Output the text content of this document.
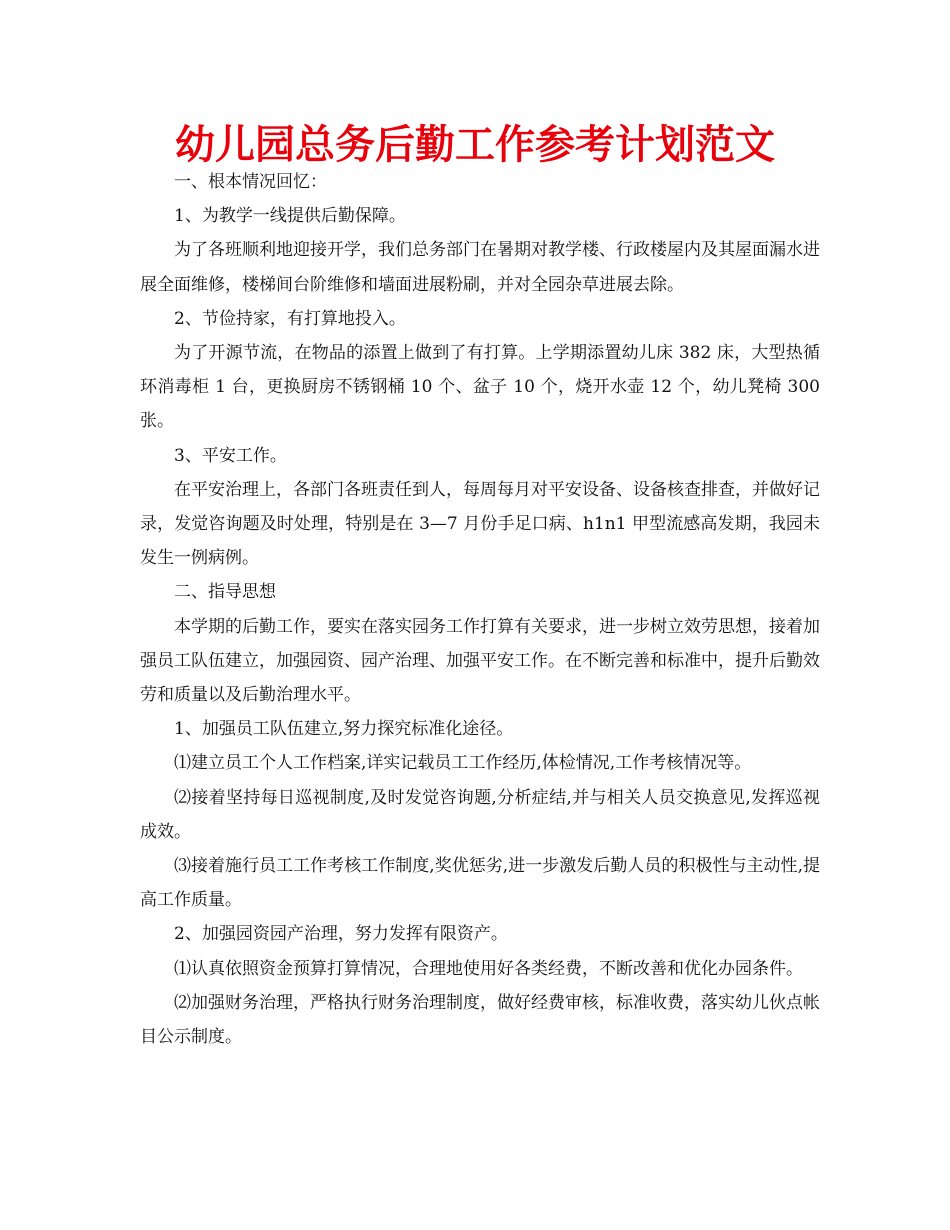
幼儿园总务后勤工作参考计划范文

一、根本情况回忆：

1、为教学一线提供后勤保障。

为了各班顺利地迎接开学，我们总务部门在暑期对教学楼、行政楼屋内及其屋面漏水进展全面维修，楼梯间台阶维修和墙面进展粉刷，并对全园杂草进展去除。

2、节俭持家，有打算地投入。

为了开源节流，在物品的添置上做到了有打算。上学期添置幼儿床 382 床，大型热循环消毒柜 1 台，更换厨房不锈钢桶 10 个、盆子 10 个，烧开水壶 12 个，幼儿凳椅 300 张。

3、平安工作。

在平安治理上，各部门各班责任到人，每周每月对平安设备、设备核查排查，并做好记录，发觉咨询题及时处理，特别是在 3—7 月份手足口病、h1n1 甲型流感高发期，我园未发生一例病例。

二、指导思想

本学期的后勤工作，要实在落实园务工作打算有关要求，进一步树立效劳思想，接着加强员工队伍建立，加强园资、园产治理、加强平安工作。在不断完善和标准中，提升后勤效劳和质量以及后勤治理水平。

1、加强员工队伍建立,努力探究标准化途径。

⑴建立员工个人工作档案,详实记载员工工作经历,体检情况,工作考核情况等。

⑵接着坚持每日巡视制度,及时发觉咨询题,分析症结,并与相关人员交换意见,发挥巡视成效。

⑶接着施行员工工作考核工作制度,奖优惩劣,进一步激发后勤人员的积极性与主动性,提高工作质量。

2、加强园资园产治理，努力发挥有限资产。

⑴认真依照资金预算打算情况，合理地使用好各类经费，不断改善和优化办园条件。

⑵加强财务治理，严格执行财务治理制度，做好经费审核，标准收费，落实幼儿伙点帐目公示制度。
